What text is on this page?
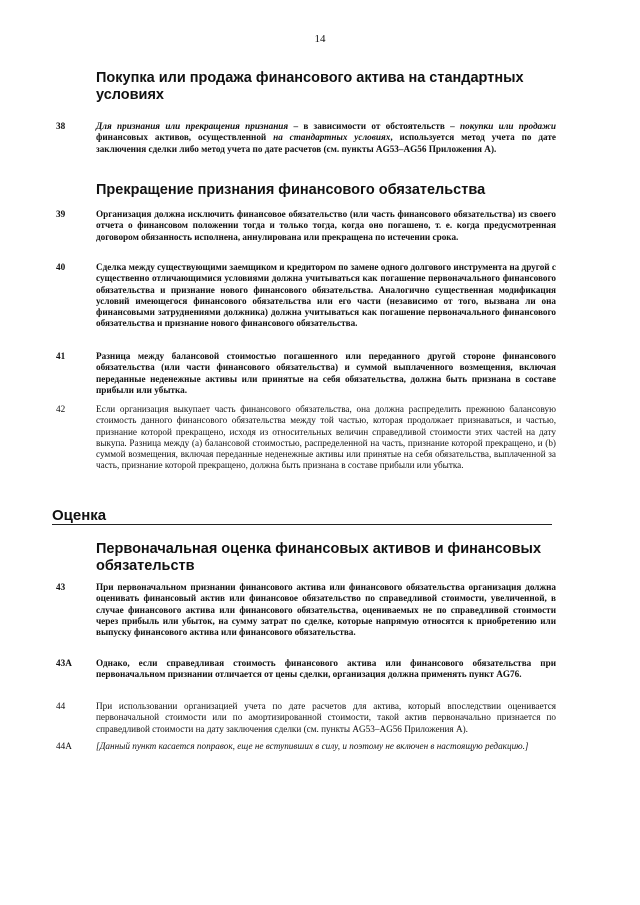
14
Покупка или продажа финансового актива на стандартных условиях
38	Для признания или прекращения признания – в зависимости от обстоятельств – покупки или продажи финансовых активов, осуществленной на стандартных условиях, используется метод учета по дате заключения сделки либо метод учета по дате расчетов (см. пункты AG53–AG56 Приложения А).
Прекращение признания финансового обязательства
39	Организация должна исключить финансовое обязательство (или часть финансового обязательства) из своего отчета о финансовом положении тогда и только тогда, когда оно погашено, т. е. когда предусмотренная договором обязанность исполнена, аннулирована или прекращена по истечении срока.
40	Сделка между существующими заемщиком и кредитором по замене одного долгового инструмента на другой с существенно отличающимися условиями должна учитываться как погашение первоначального финансового обязательства и признание нового финансового обязательства. Аналогично существенная модификация условий имеющегося финансового обязательства или его части (независимо от того, вызвана ли она финансовыми затруднениями должника) должна учитываться как погашение первоначального финансового обязательства и признание нового финансового обязательства.
41	Разница между балансовой стоимостью погашенного или переданного другой стороне финансового обязательства (или части финансового обязательства) и суммой выплаченного возмещения, включая переданные неденежные активы или принятые на себя обязательства, должна быть признана в составе прибыли или убытка.
42	Если организация выкупает часть финансового обязательства, она должна распределить прежнюю балансовую стоимость данного финансового обязательства между той частью, которая продолжает признаваться, и частью, признание которой прекращено, исходя из относительных величин справедливой стоимости этих частей на дату выкупа. Разница между (а) балансовой стоимостью, распределенной на часть, признание которой прекращено, и (b) суммой возмещения, включая переданные неденежные активы или принятые на себя обязательства, выплаченной за часть, признание которой прекращено, должна быть признана в составе прибыли или убытка.
Оценка
Первоначальная оценка финансовых активов и финансовых обязательств
43	При первоначальном признании финансового актива или финансового обязательства организация должна оценивать финансовый актив или финансовое обязательство по справедливой стоимости, увеличенной, в случае финансового актива или финансового обязательства, оцениваемых не по справедливой стоимости через прибыль или убыток, на сумму затрат по сделке, которые напрямую относятся к приобретению или выпуску финансового актива или финансового обязательства.
43A	Однако, если справедливая стоимость финансового актива или финансового обязательства при первоначальном признании отличается от цены сделки, организация должна применять пункт AG76.
44	При использовании организацией учета по дате расчетов для актива, который впоследствии оценивается первоначальной стоимости или по амортизированной стоимости, такой актив первоначально признается по справедливой стоимости на дату заключения сделки (см. пункты AG53–AG56 Приложения А).
44A	[Данный пункт касается поправок, еще не вступивших в силу, и поэтому не включен в настоящую редакцию.]
